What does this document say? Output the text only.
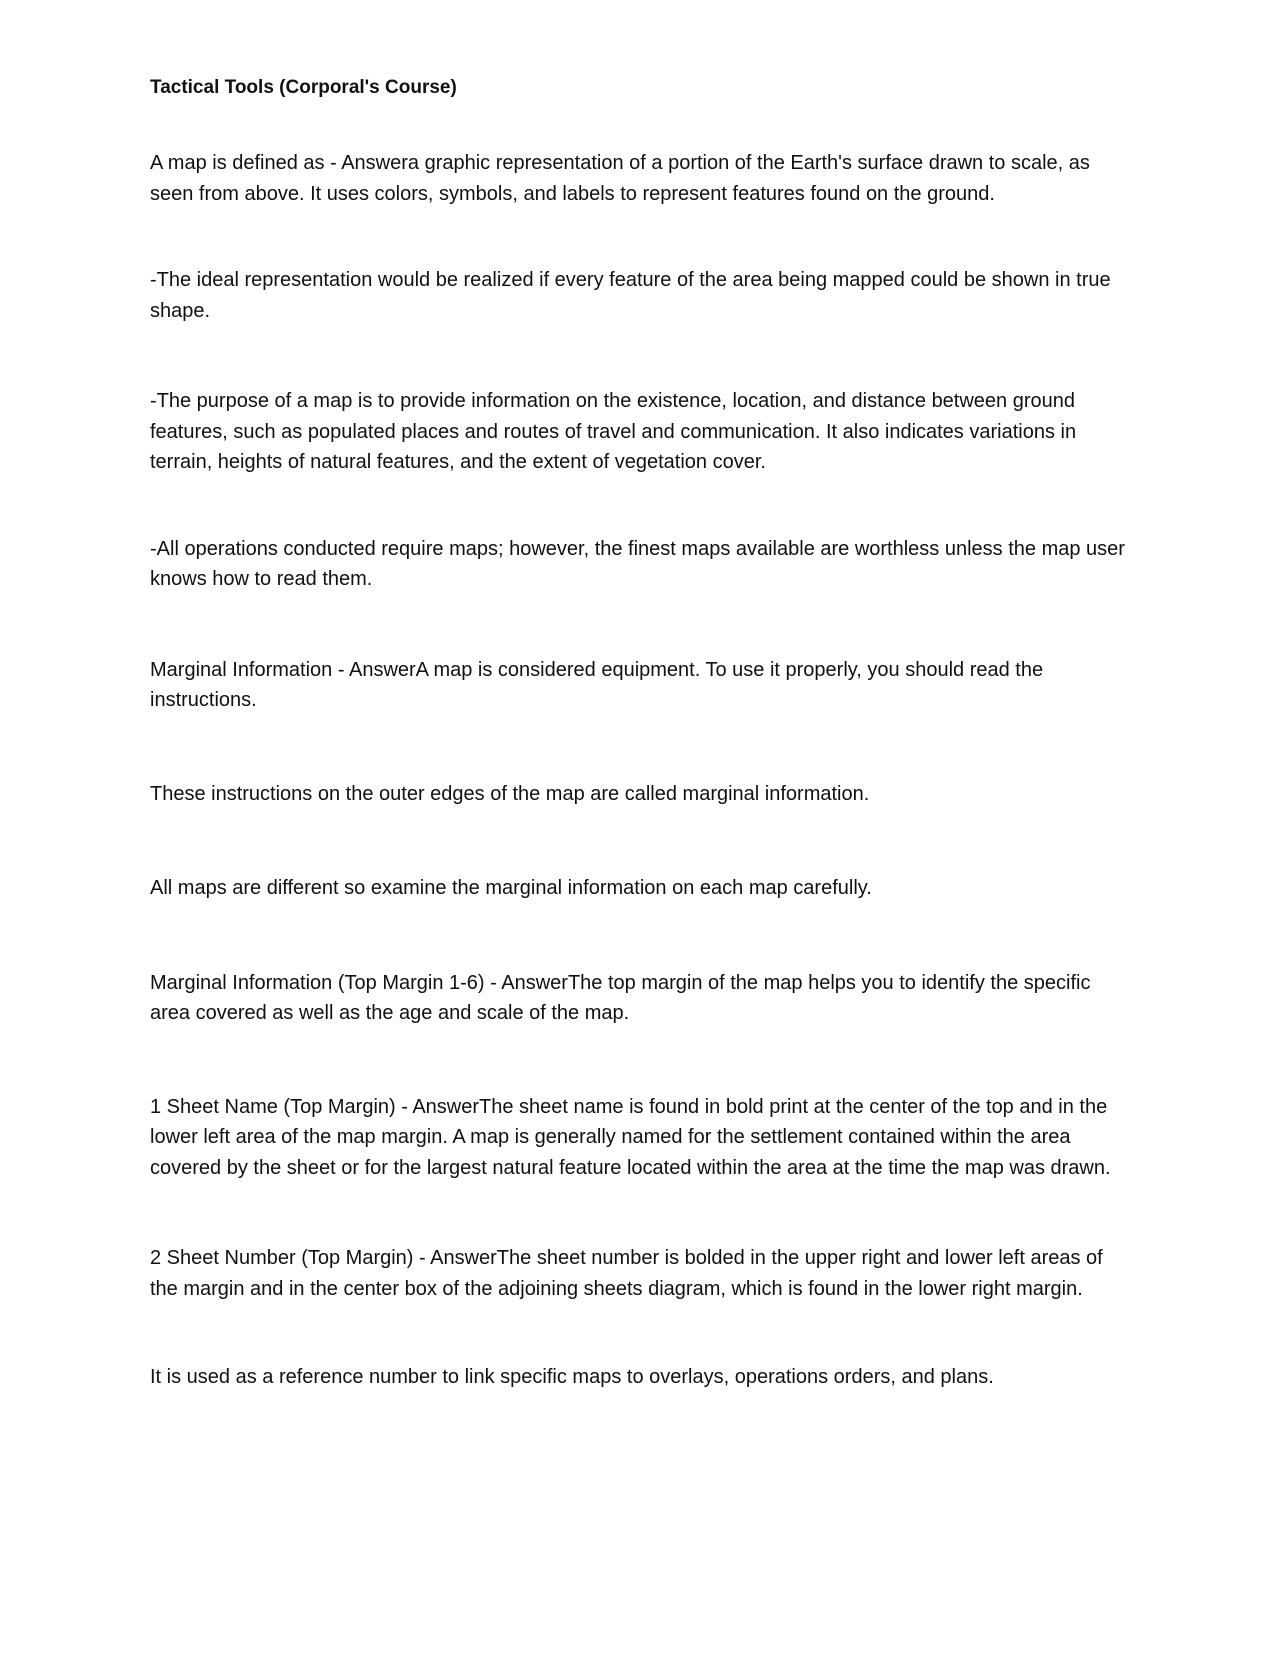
Tactical Tools (Corporal's Course)

A map is defined as - Answera graphic representation of a portion of the Earth's surface drawn to scale, as seen from above. It uses colors, symbols, and labels to represent features found on the ground.

-The ideal representation would be realized if every feature of the area being mapped could be shown in true shape.

-The purpose of a map is to provide information on the existence, location, and distance between ground features, such as populated places and routes of travel and communication. It also indicates variations in terrain, heights of natural features, and the extent of vegetation cover.

-All operations conducted require maps; however, the finest maps available are worthless unless the map user knows how to read them.

Marginal Information - AnswerA map is considered equipment. To use it properly, you should read the instructions.

These instructions on the outer edges of the map are called marginal information.

All maps are different so examine the marginal information on each map carefully.

Marginal Information (Top Margin 1-6) - AnswerThe top margin of the map helps you to identify the specific area covered as well as the age and scale of the map.

1 Sheet Name (Top Margin) - AnswerThe sheet name is found in bold print at the center of the top and in the lower left area of the map margin. A map is generally named for the settlement contained within the area covered by the sheet or for the largest natural feature located within the area at the time the map was drawn.

2 Sheet Number (Top Margin) - AnswerThe sheet number is bolded in the upper right and lower left areas of the margin and in the center box of the adjoining sheets diagram, which is found in the lower right margin.

It is used as a reference number to link specific maps to overlays, operations orders, and plans.
